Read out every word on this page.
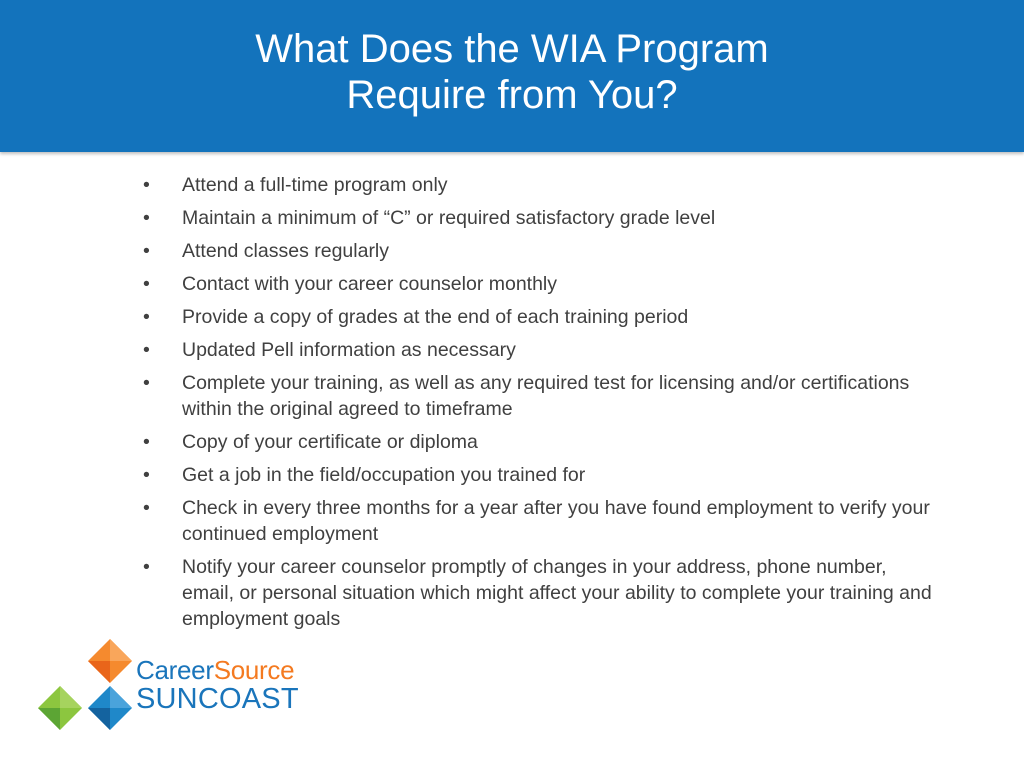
What Does the WIA Program
Require from You?
• Attend a full-time program only
• Maintain a minimum of “C” or required satisfactory grade level
• Attend classes regularly
• Contact with your career counselor monthly
• Provide a copy of grades at the end of each training period
• Updated Pell information as necessary
• Complete your training, as well as any required test for licensing and/or certifications within the original agreed to timeframe
• Copy of your certificate or diploma
• Get a job in the field/occupation you trained for
• Check in every three months for a year after you have found employment to verify your continued employment
• Notify your career counselor promptly of changes in your address, phone number, email, or personal situation which might affect your ability to complete your training and employment goals
CareerSource
SUNCOAST
